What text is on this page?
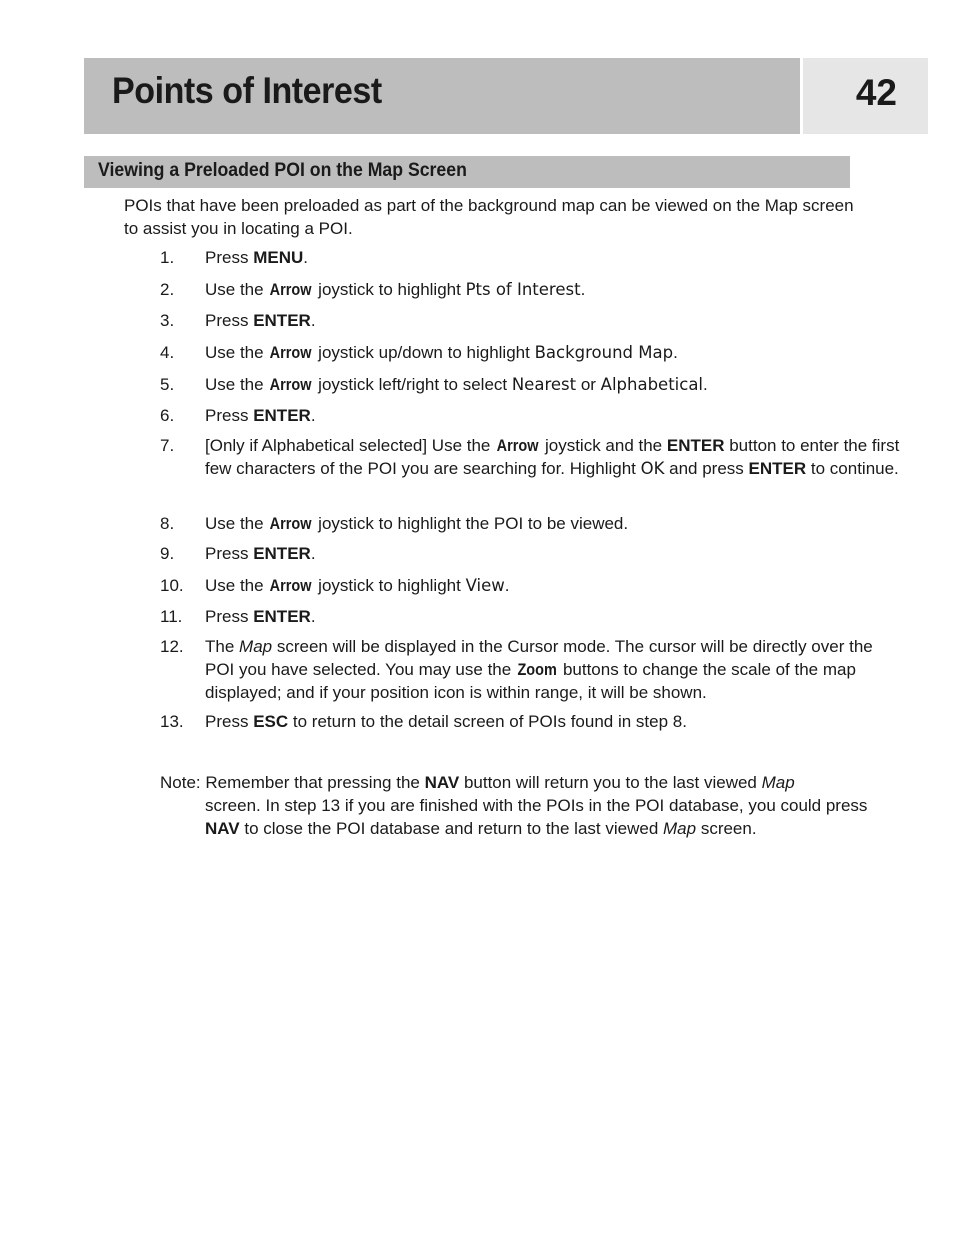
Points of Interest	42
Viewing a Preloaded POI on the Map Screen

POIs that have been preloaded as part of the background map can be viewed on the Map screen to assist you in locating a POI.

1. Press MENU.
2. Use the Arrow joystick to highlight Pts of Interest.
3. Press ENTER.
4. Use the Arrow joystick up/down to highlight Background Map.
5. Use the Arrow joystick left/right to select Nearest or Alphabetical.
6. Press ENTER.
7. [Only if Alphabetical selected] Use the Arrow joystick and the ENTER button to enter the first few characters of the POI you are searching for. Highlight OK and press ENTER to continue.
8. Use the Arrow joystick to highlight the POI to be viewed.
9. Press ENTER.
10. Use the Arrow joystick to highlight View.
11. Press ENTER.
12. The Map screen will be displayed in the Cursor mode. The cursor will be directly over the POI you have selected. You may use the Zoom buttons to change the scale of the map displayed; and if your position icon is within range, it will be shown.
13. Press ESC to return to the detail screen of POIs found in step 8.
Note: Remember that pressing the NAV button will return you to the last viewed Map
screen. In step 13 if you are finished with the POIs in the POI database, you could press NAV to close the POI database and return to the last viewed Map screen.
